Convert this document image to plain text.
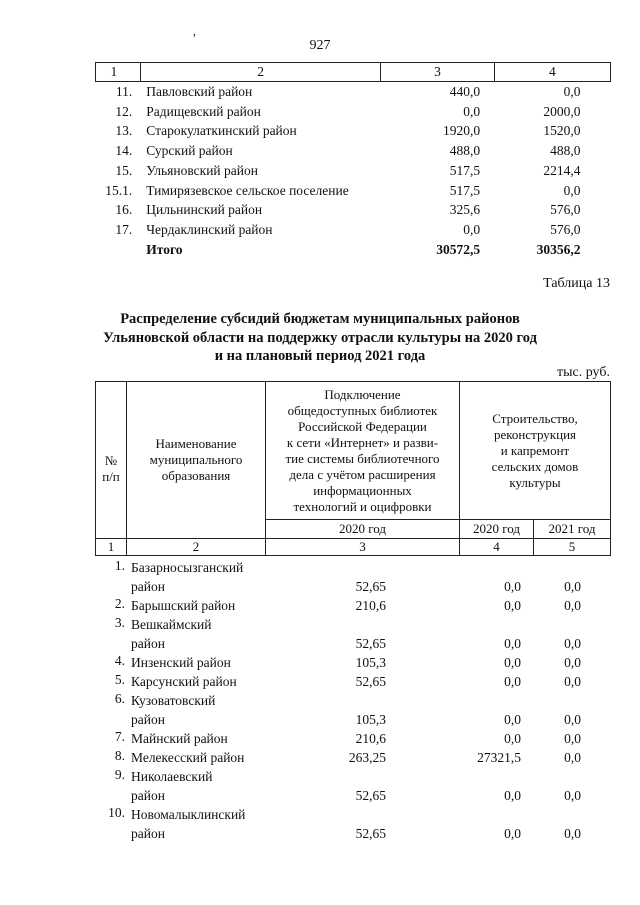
,
927
1	2	3	4
11.	Павловский район	440,0	0,0
12.	Радищевский район	0,0	2000,0
13.	Старокулаткинский район	1920,0	1520,0
14.	Сурский район	488,0	488,0
15.	Ульяновский район	517,5	2214,4
15.1.	Тимирязевское сельское поселение	517,5	0,0
16.	Цильнинский район	325,6	576,0
17.	Чердаклинский район	0,0	576,0
	Итого	30572,5	30356,2
Таблица 13
Распределение субсидий бюджетам муниципальных районов
Ульяновской области на поддержку отрасли культуры на 2020 год
и на плановый период 2021 года
тыс. руб.
№
п/п
Наименование
муниципального
образования
Подключение
общедоступных библиотек
Российской Федерации
к сети «Интернет» и разви-
тие системы библиотечного
дела с учётом расширения
информационных
технологий и оцифровки
Строительство,
реконструкция
и капремонт
сельских домов
культуры
2020 год	2020 год	2021 год
1	2	3	4	5
1. Базарносызганский
район	52,65	0,0	0,0
2. Барышский район	210,6	0,0	0,0
3. Вешкаймский
район	52,65	0,0	0,0
4. Инзенский район	105,3	0,0	0,0
5. Карсунский район	52,65	0,0	0,0
6. Кузоватовский
район	105,3	0,0	0,0
7. Майнский район	210,6	0,0	0,0
8. Мелекесский район	263,25	27321,5	0,0
9. Николаевский
район	52,65	0,0	0,0
10. Новомалыклинский
район	52,65	0,0	0,0
